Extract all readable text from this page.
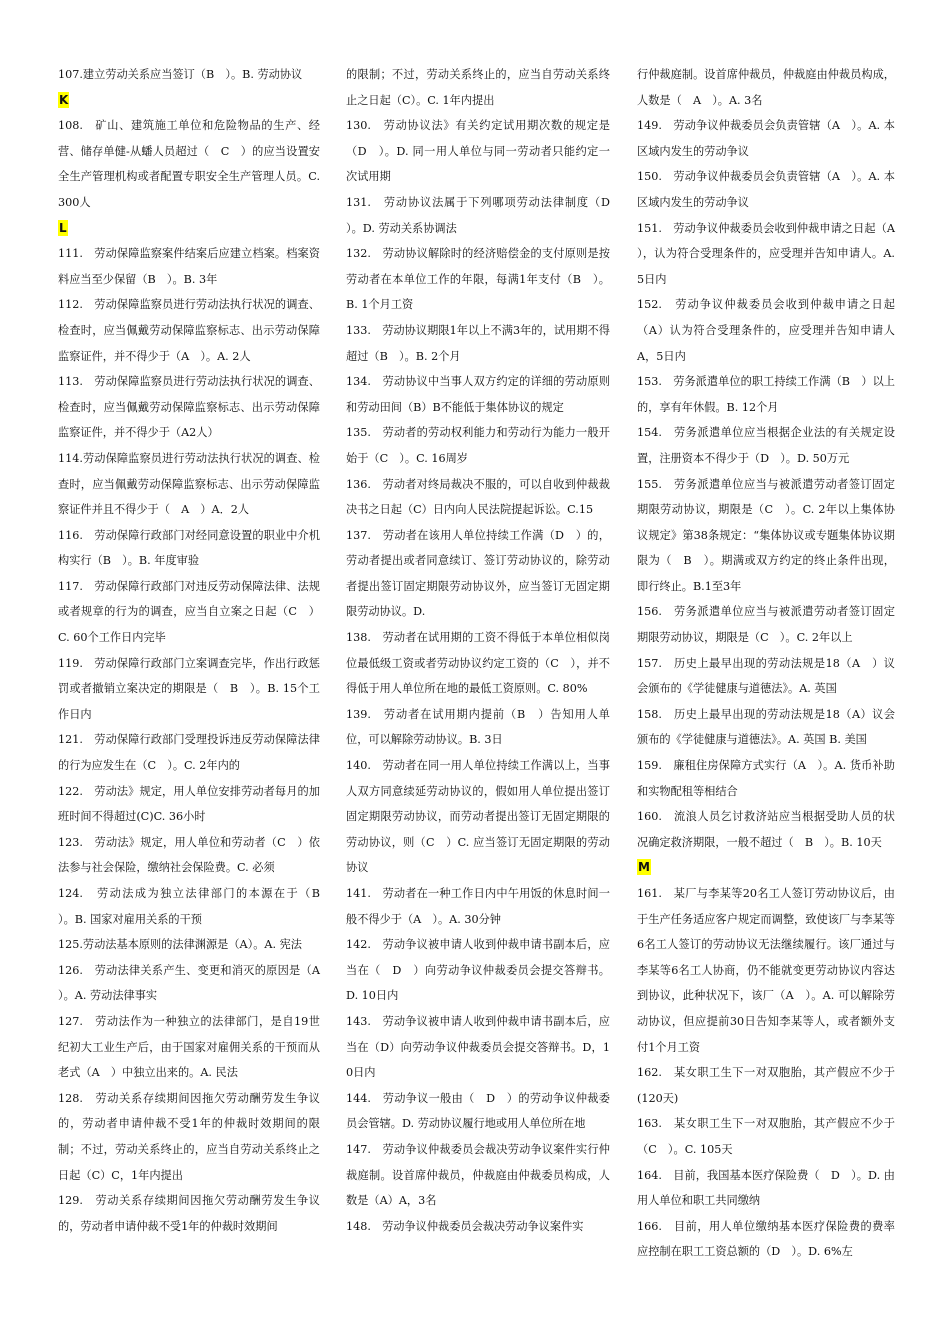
107.建立劳动关系应当签订（B　）。B. 劳动协议

K

108.　矿山、建筑施工单位和危险物品的生产、经营、储存单健-从蟠人员超过（　C　）的应当设置安全生产管理机构或者配置专职安全生产管理人员。C. 300人

L

111.　劳动保障监察案件结案后应建立档案。档案资料应当至少保留（B　）。B. 3年

112.　劳动保障监察员进行劳动法执行状况的调查、检查时，应当佩戴劳动保障监察标志、出示劳动保障监察证件，并不得少于（A　）。A. 2人

113.　劳动保障监察员进行劳动法执行状况的调查、检查时，应当佩戴劳动保障监察标志、出示劳动保障监察证件，并不得少于（A2人）

114.劳动保障监察员进行劳动法执行状况的调查、检查时，应当佩戴劳动保障监察标志、出示劳动保障监察证件并且不得少于（　A　）A．2人

116.　劳动保障行政部门对经同意设置的职业中介机构实行（B　）。B. 年度审验

117.　劳动保障行政部门对违反劳动保障法律、法规或者规章的行为的调查，应当自立案之日起（C　）C. 60个工作日内完毕

119.　劳动保障行政部门立案调查完毕，作出行政惩罚或者撤销立案决定的期限是（　B　）。B. 15个工作日内

121.　劳动保障行政部门受理投诉违反劳动保障法律的行为应发生在（C　）。C. 2年内的

122.　劳动法》规定，用人单位安排劳动者每月的加班时间不得超过(C)C. 36小时

123.　劳动法》规定，用人单位和劳动者（C　）依法参与社会保险，缴纳社会保险费。C. 必须

124.　劳动法成为独立法律部门的本源在于（B　）。B. 国家对雇用关系的干预

125.劳动法基本原则的法律渊源是（A）。A. 宪法

126.　劳动法律关系产生、变更和消灭的原因是（A　）。A. 劳动法律事实

127.　劳动法作为一种独立的法律部门，是自19世纪初大工业生产后，由于国家对雇佣关系的干预而从老式（A　）中独立出来的。A. 民法

128.　劳动关系存续期间因拖欠劳动酬劳发生争议的，劳动者申请仲裁不受1年的仲裁时效期间的限制；不过，劳动关系终止的，应当自劳动关系终止之日起（C）C，1年内提出

129.　劳动关系存续期间因拖欠劳动酬劳发生争议的，劳动者申请仲裁不受1年的仲裁时效期间

的限制；不过，劳动关系终止的，应当自劳动关系终止之日起（C）。C. 1年内提出

130.　劳动协议法》有关约定试用期次数的规定是（D　）。D. 同一用人单位与同一劳动者只能约定一次试用期

131.　劳动协议法属于下列哪项劳动法律制度（D　）。D. 劳动关系协调法

132.　劳动协议解除时的经济赔偿金的支付原则是按劳动者在本单位工作的年限，每满1年支付（B　）。B. 1个月工资

133.　劳动协议期限1年以上不满3年的，试用期不得超过（B　）。B. 2个月

134.　劳动协议中当事人双方约定的详细的劳动原则和劳动田间（B）B不能低于集体协议的规定

135.　劳动者的劳动权利能力和劳动行为能力一般开始于（C　）。C. 16周岁

136.　劳动者对终局裁决不服的，可以自收到仲裁裁决书之日起（C）日内向人民法院提起诉讼。C.15

137.　劳动者在该用人单位持续工作满（D　）的，劳动者提出或者同意续订、签订劳动协议的，除劳动者提出签订固定期限劳动协议外，应当签订无固定期限劳动协议。D.

138.　劳动者在试用期的工资不得低于本单位相似岗位最低级工资或者劳动协议约定工资的（C　），并不得低于用人单位所在地的最低工资原则。C. 80%

139.　劳动者在试用期内提前（B　）告知用人单位，可以解除劳动协议。B. 3日

140.　劳动者在同一用人单位持续工作满以上，当事人双方同意续延劳动协议的，假如用人单位提出签订固定期限劳动协议，而劳动者提出签订无固定期限的劳动协议，则（C　）C. 应当签订无固定期限的劳动协议

141.　劳动者在一种工作日内中午用饭的休息时间一般不得少于（A　）。A. 30分钟

142.　劳动争议被申请人收到仲裁申请书副本后，应当在（　D　）向劳动争议仲裁委员会提交答辩书。D. 10日内

143.　劳动争议被申请人收到仲裁申请书副本后，应当在（D）向劳动争议仲裁委员会提交答辩书。D，10日内

144.　劳动争议一般由（　D　）的劳动争议仲裁委员会管辖。D. 劳动协议履行地或用人单位所在地

147.　劳动争议仲裁委员会裁决劳动争议案件实行仲裁庭制。设首席仲裁员，仲裁庭由仲裁委员构成，人数是（A）A，3名

148.　劳动争议仲裁委员会裁决劳动争议案件实

行仲裁庭制。设首席仲裁员，仲裁庭由仲裁员构成，人数是（　A　）。A. 3名

149.　劳动争议仲裁委员会负责管辖（A　）。A. 本区域内发生的劳动争议

150.　劳动争议仲裁委员会负责管辖（A　）。A. 本区域内发生的劳动争议

151.　劳动争议仲裁委员会收到仲裁申请之日起（A　），认为符合受理条件的，应受理并告知申请人。A. 5日内

152.　劳动争议仲裁委员会收到仲裁申请之日起（A）认为符合受理条件的，应受理并告知申请人A，5日内

153.　劳务派遣单位的职工持续工作满（B　）以上的，享有年休假。B. 12个月

154.　劳务派遣单位应当根据企业法的有关规定设置，注册资本不得少于（D　）。D. 50万元

155.　劳务派遣单位应当与被派遣劳动者签订固定期限劳动协议，期限是（C　）。C. 2年以上集体协议规定》第38条规定：“集体协议或专题集体协议期限为（　B　）。期满或双方约定的终止条件出现，即行终止。B.1至3年

156.　劳务派遣单位应当与被派遣劳动者签订固定期限劳动协议，期限是（C　）。C. 2年以上

157.　历史上最早出现的劳动法规是18（A　）议会颁布的《学徒健康与道德法》。A. 英国

158.　历史上最早出现的劳动法规是18（A）议会颁布的《学徒健康与道德法》。A. 英国 B. 美国

159.　廉租住房保障方式实行（A　）。A. 货币补助和实物配租等相结合

160.　流浪人员乞讨救济站应当根据受助人员的状况确定救济期限，一般不超过（　B　）。B. 10天

M

161.　某厂与李某等20名工人签订劳动协议后，由于生产任务适应客户规定而调整，致使该厂与李某等6名工人签订的劳动协议无法继续履行。该厂通过与李某等6名工人协商，仍不能就变更劳动协议内容达到协议，此种状况下，该厂（A　）。A. 可以解除劳动协议，但应提前30日告知李某等人，或者额外支付1个月工资

162.　某女职工生下一对双胞胎，其产假应不少于(120天)

163.　某女职工生下一对双胞胎，其产假应不少于（C　）。C. 105天

164.　目前，我国基本医疗保险费（　D　）。D. 由用人单位和职工共同缴纳

166.　目前，用人单位缴纳基本医疗保险费的费率应控制在职工工资总额的（D　）。D. 6%左
